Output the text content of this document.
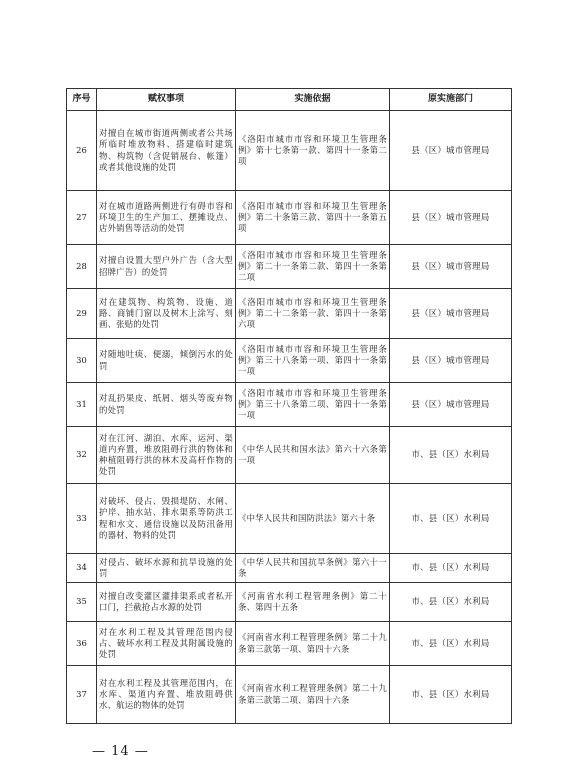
序号	赋权事项	实施依据	原实施部门
26	对擅自在城市街道两侧或者公共场所临时堆放物料、搭建临时建筑物、构筑物（含促销展台、帐篷）或者其他设施的处罚	《洛阳市城市市容和环境卫生管理条例》第十七条第一款、第四十一条第二项	县（区）城市管理局
27	对在城市道路两侧进行有碍市容和环境卫生的生产加工、摆摊设点、店外销售等活动的处罚	《洛阳市城市市容和环境卫生管理条例》第二十条第三款、第四十一条第五项	县（区）城市管理局
28	对擅自设置大型户外广告（含大型招牌广告）的处罚	《洛阳市城市市容和环境卫生管理条例》第二十一条第二款、第四十一条第二项	县（区）城市管理局
29	对在建筑物、构筑物、设施、道路、商铺门窗以及树木上涂写、刻画、张贴的处罚	《洛阳市城市市容和环境卫生管理条例》第二十二条第一款、第四十一条第六项	县（区）城市管理局
30	对随地吐痰、便溺，倾倒污水的处罚	《洛阳市城市市容和环境卫生管理条例》第三十八条第一项、第四十一条第一项	县（区）城市管理局
31	对乱扔果皮、纸屑、烟头等废弃物的处罚	《洛阳市城市市容和环境卫生管理条例》第三十八条第二项、第四十一条第一项	县（区）城市管理局
32	对在江河、湖泊、水库、运河、渠道内弃置，堆放阻碍行洪的物体和种植阻碍行洪的林木及高杆作物的处罚	《中华人民共和国水法》第六十六条第一项	市、县（区）水利局
33	对破坏、侵占、毁损堤防、水闸、护岸、抽水站、排水渠系等防洪工程和水文、通信设施以及防汛备用的器材、物料的处罚	《中华人民共和国防洪法》第六十条	市、县（区）水利局
34	对侵占、破坏水源和抗旱设施的处罚	《中华人民共和国抗旱条例》第六十一条	市、县（区）水利局
35	对擅自改变灌区灌排渠系或者私开口门，拦截抢占水源的处罚	《河南省水利工程管理条例》第二十条、第四十五条	市、县（区）水利局
36	对在水利工程及其管理范围内侵占、破坏水利工程及其附属设施的处罚	《河南省水利工程管理条例》第二十九条第三款第一项、第四十六条	市、县（区）水利局
37	对在水利工程及其管理范围内，在水库、渠道内弃置、堆放阻碍供水、航运的物体的处罚	《河南省水利工程管理条例》第二十九条第三款第二项、第四十六条	市、县（区）水利局
— 14 —
